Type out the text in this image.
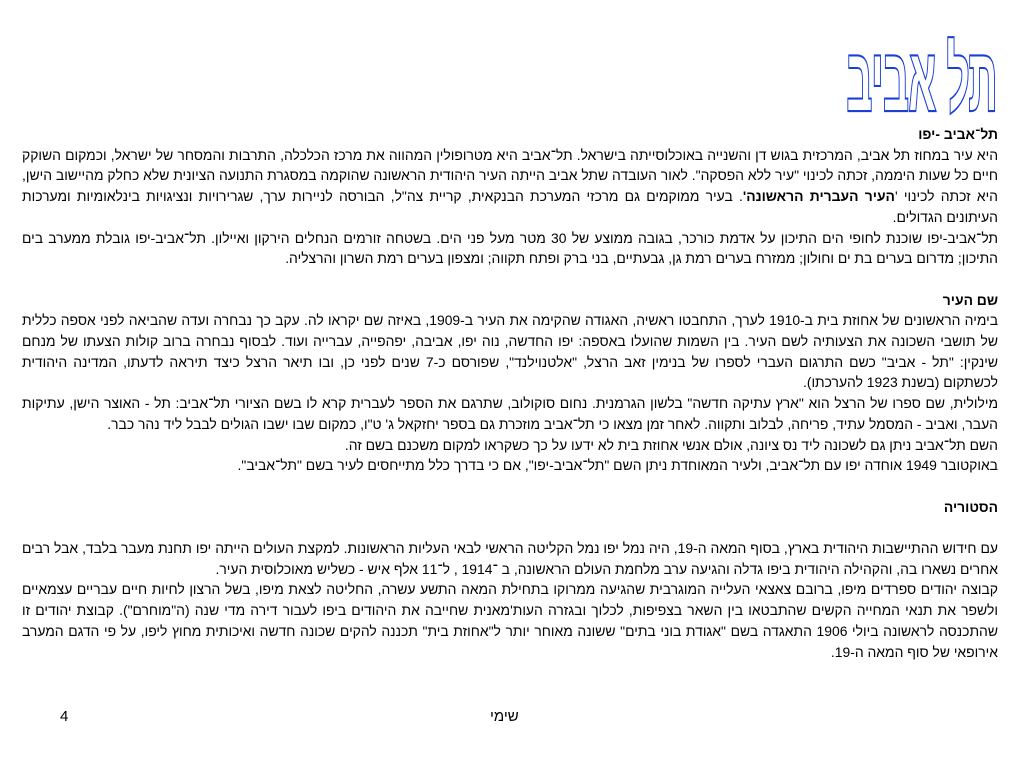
תל אביב
תל־אביב -יפו

היא עיר במחוז תל אביב, המרכזית בגוש דן והשנייה באוכלוסייתה בישראל. תל־אביב היא מטרופולין המהווה את מרכז הכלכלה, התרבות והמסחר של ישראל, וכמקום השוקק חיים כל שעות היממה, זכתה לכינוי "עיר ללא הפסקה". לאור העובדה שתל אביב הייתה העיר היהודית הראשונה שהוקמה במסגרת התנועה הציונית שלא כחלק מהיישוב הישן, היא זכתה לכינוי 'העיר העברית הראשונה'. בעיר ממוקמים גם מרכזי המערכת הבנקאית, קריית צה"ל, הבורסה לניירות ערך, שגרירויות ונציגויות בינלאומיות ומערכות העיתונים הגדולים.

תל־אביב-יפו שוכנת לחופי הים התיכון על אדמת כורכר, בגובה ממוצע של 30 מטר מעל פני הים. בשטחה זורמים הנחלים הירקון ואיילון. תל־אביב-יפו גובלת ממערב בים התיכון; מדרום בערים בת ים וחולון; ממזרח בערים רמת גן, גבעתיים, בני ברק ופתח תקווה; ומצפון בערים רמת השרון והרצליה.

שם העיר

בימיה הראשונים של אחוזת בית ב-1910 לערך, התחבטו ראשיה, האגודה שהקימה את העיר ב-1909, באיזה שם יקראו לה. עקב כך נבחרה ועדה שהביאה לפני אספה כללית של תושבי השכונה את הצעותיה לשם העיר. בין השמות שהועלו באספה: יפו החדשה, נוה יפו, אביבה, יפהפייה, עברייה ועוד. לבסוף נבחרה ברוב קולות הצעתו של מנחם שינקין: "תל - אביב" כשם התרגום העברי לספרו של בנימין זאב הרצל, "אלטנוילנד", שפורסם כ-7 שנים לפני כן, ובו תיאר הרצל כיצד תיראה לדעתו, המדינה היהודית לכשתקום (בשנת 1923 להערכתו).

מילולית, שם ספרו של הרצל הוא "ארץ עתיקה חדשה" בלשון הגרמנית. נחום סוקולוב, שתרגם את הספר לעברית קרא לו בשם הציורי תל־אביב: תל - האוצר הישן, עתיקות העבר, ואביב - המסמל עתיד, פריחה, לבלוב ותקווה. לאחר זמן מצאו כי תל־אביב מוזכרת גם בספר יחזקאל ג' ט"ו, כמקום שבו ישבו הגולים לבבל ליד נהר כבר.

השם תל־אביב ניתן גם לשכונה ליד נס ציונה, אולם אנשי אחוזת בית לא ידעו על כך כשקראו למקום משכנם בשם זה.

באוקטובר 1949 אוחדה יפו עם תל־אביב, ולעיר המאוחדת ניתן השם "תל־אביב-יפו", אם כי בדרך כלל מתייחסים לעיר בשם "תל־אביב".

הסטוריה

עם חידוש ההתיישבות היהודית בארץ, בסוף המאה ה-19, היה נמל יפו נמל הקליטה הראשי לבאי העליות הראשונות. למקצת העולים הייתה יפו תחנת מעבר בלבד, אבל רבים אחרים נשארו בה, והקהילה היהודית ביפו גדלה והגיעה ערב מלחמת העולם הראשונה, ב ־1914 , ל־11 אלף איש - כשליש מאוכלוסית העיר.

קבוצה יהודים ספרדים מיפו, ברובם צאצאי העלייה המוגרבית שהגיעה ממרוקו בתחילת המאה התשע עשרה, החליטה לצאת מיפו, בשל הרצון לחיות חיים עבריים עצמאיים ולשפר את תנאי המחייה הקשים שהתבטאו בין השאר בצפיפות, לכלוך ובגזרה העות'מאנית שחייבה את היהודים ביפו לעבור דירה מדי שנה (ה"מוחרם"). קבוצת יהודים זו שהתכנסה לראשונה ביולי 1906 התאגדה בשם "אגודת בוני בתים" ששונה מאוחר יותר ל"אחוזת בית" תכננה להקים שכונה חדשה ואיכותית מחוץ ליפו, על פי הדגם המערב אירופאי של סוף המאה ה-19.

שימי
4
